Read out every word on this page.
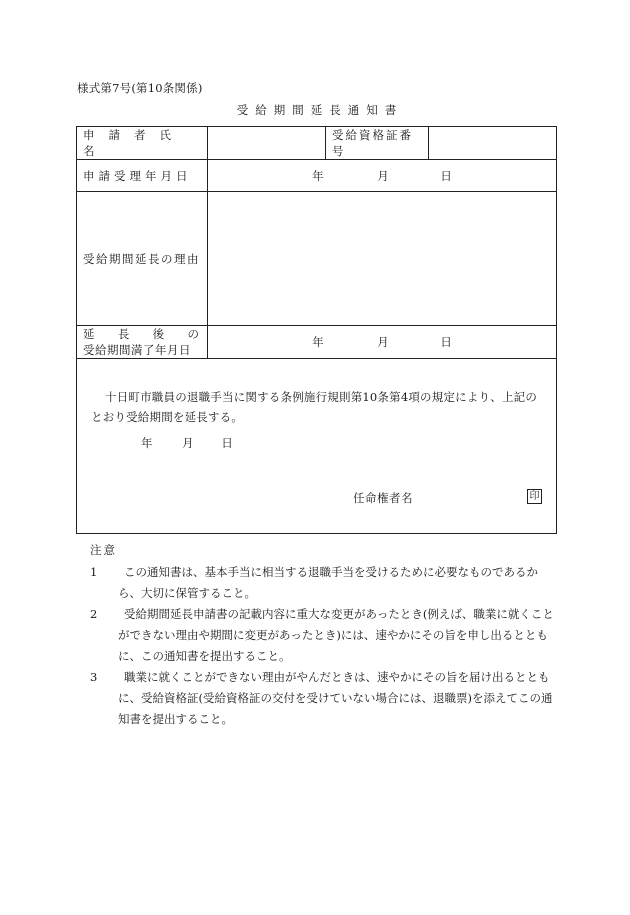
様式第7号(第10条関係)
受給期間延長通知書
申請者氏名		受給資格証番号	
申請受理年月日	年 月 日		
受給期間延長の理由			

延 長 後 の
受給期間満了年月日	年 月 日		

十日町市職員の退職手当に関する条例施行規則第10条第4項の規定により、上記のとおり受給期間を延長する。
年 月 日
任命権者名 印			
注意
1 この通知書は、基本手当に相当する退職手当を受けるために必要なものであるから、大切に保管すること。
2 受給期間延長申請書の記載内容に重大な変更があったとき(例えば、職業に就くことができない理由や期間に変更があったとき)には、速やかにその旨を申し出るとともに、この通知書を提出すること。
3 職業に就くことができない理由がやんだときは、速やかにその旨を届け出るとともに、受給資格証(受給資格証の交付を受けていない場合には、退職票)を添えてこの通知書を提出すること。
